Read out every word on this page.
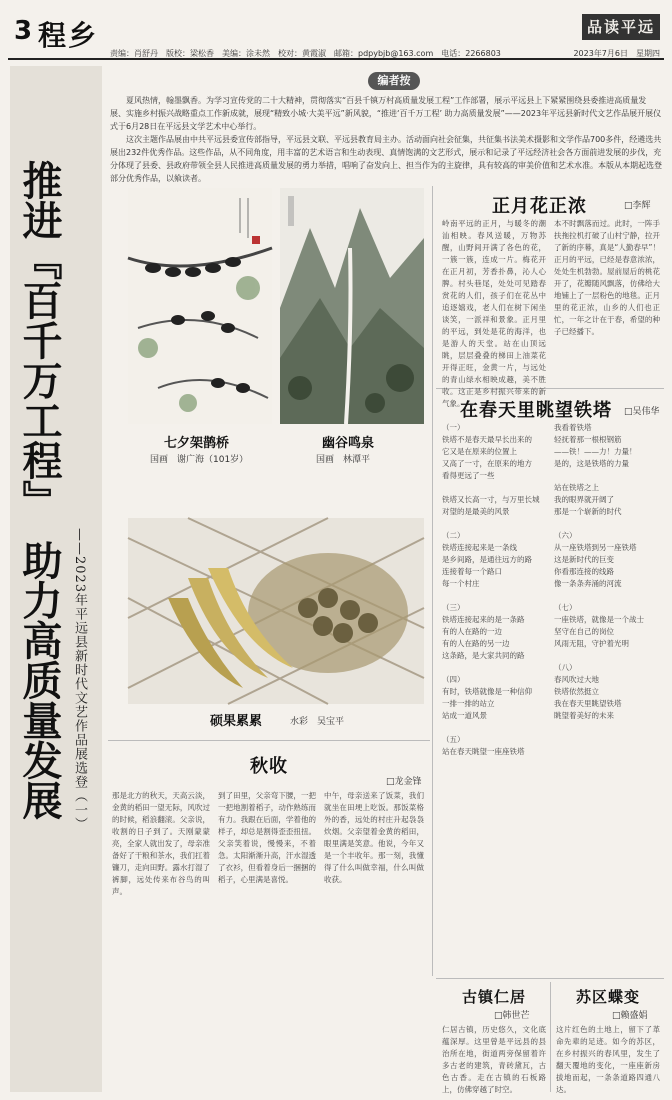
3 程乡
责编：肖舒丹　版校：梁松香　美编：涂未然　校对：黄霞淑　邮箱：pdpybjb@163.com　电话：2266803
品读平远
2023年7月6日　星期四
推进『百千万工程』　助力高质量发展 ——2023年平远县新时代文艺作品展选登（一）
编者按

夏风热情，翰墨飘香。为学习宣传党的二十大精神，贯彻落实“百县千镇万村高质量发展工程”工作部署，展示平远县上下紧紧围绕县委推进高质量发展、实施乡村振兴战略重点工作新成就，展现“精致小城·大美平远”新风貌，“推进‘百千万工程’ 助力高质量发展”——2023年平远县新时代文艺作品展开展仪式于6月28日在平远县文学艺术中心举行。

这次主题作品展由中共平远县委宣传部指导，平远县文联、平远县教育局主办。活动面向社会征集，共征集书法美术摄影和文学作品700多件，经遴选共展出232件优秀作品。这些作品，从不同角度，用丰富的艺术语言和生动表现、真情饱满的文艺形式，展示和记录了平远经济社会各方面前进发展的步伐，充分体现了县委、县政府带领全县人民推进高质量发展的勇力举措，唱响了奋发向上、担当作为的主旋律，具有较高的审美价值和艺术水准。本版从本期起选登部分优秀作品，以飨读者。

七夕架鹊桥
国画　谢广海（101岁）
幽谷鸣泉
国画　林潭平
硕果累累	水彩　吴宝平
正月花正浓	□李辉
岭南平远的正月，与暖冬的潮汕相映。春风送暖，万物苏醒，山野间开满了各色的花，一簇一簇，连成一片。梅花开在正月初，芳香扑鼻，沁人心脾。村头巷尾，处处可见踏春赏花的人们，孩子们在花丛中追逐嬉戏，老人们在树下闲坐谈笑，一派祥和景象。正月里的平远，到处是花的海洋，也是游人的天堂。站在山顶远眺，层层叠叠的梯田上油菜花开得正旺，金黄一片，与远处的青山绿水相映成趣，美不胜收。这正是乡村振兴带来的新气象。
本不时飘落而过。此时，一阵手扶拖拉机打破了山村宁静，拉开了新的序幕，真是“人勤春早”！正月的平远，已经是春意浓浓，处处生机勃勃。屋前屋后的桃花开了，花瓣随风飘落，仿佛给大地铺上了一层粉色的地毯。正月里的花正浓，山乡的人们也正忙，一年之计在于春，希望的种子已经播下。
在春天里眺望铁塔 □吴伟华
（一）
铁塔不是春天最早长出来的
它又是在原来的位置上
又高了一寸，在原来的地方
看得更远了一些

铁塔又长高一寸，与万里长城
对望的是最美的风景

（二）
铁塔连接起来是一条线
是乡间路，是通往远方的路
连接着每一个路口
每一个村庄

（三）
铁塔连接起来的是一条路
有的人在路的一边
有的人在路的另一边
这条路，是大家共同的路

（四）
有时，铁塔就像是一种信仰
一排一排的站立
站成一道风景

（五）
站在春天眺望一座座铁塔
我看着铁塔
轻抚着那一根根钢筋
——铁！——力！力量！
是的，这是铁塔的力量

站在铁塔之上
我的眼界就开阔了
那是一个崭新的时代

（六）
从一座铁塔到另一座铁塔
这是新时代的巨变
你看那连接的线路
像一条条奔涌的河流

（七）
一座铁塔，就像是一个战士
坚守在自己的岗位
风雨无阻，守护着光明

（八）
春风吹过大地
铁塔依然挺立
我在春天里眺望铁塔
眺望着美好的未来
秋收
□龙金锋
那是北方的秋天，天高云淡，金黄的稻田一望无际，风吹过的时候，稻浪翻滚。父亲说，收割的日子到了。天刚蒙蒙亮，全家人就出发了，母亲准备好了干粮和茶水，我们扛着镰刀，走向田野。露水打湿了裤脚，远处传来布谷鸟的叫声。
到了田里，父亲弯下腰，一把一把地割着稻子，动作熟练而有力。我跟在后面，学着他的样子，却总是割得歪歪扭扭。父亲笑着说，慢慢来，不着急。太阳渐渐升高，汗水湿透了衣衫，但看着身后一捆捆的稻子，心里满是喜悦。
中午，母亲送来了饭菜，我们就坐在田埂上吃饭。那饭菜格外的香，远处的村庄升起袅袅炊烟。父亲望着金黄的稻田，眼里满是笑意。他说，今年又是一个丰收年。那一刻，我懂得了什么叫做幸福，什么叫做收获。
古镇仁居
□韩世芒
仁居古镇，历史悠久，文化底蕴深厚。这里曾是平远县的县治所在地，街道两旁保留着许多古老的建筑，青砖黛瓦，古色古香。走在古镇的石板路上，仿佛穿越了时空。
苏区蝶变
□赖盛娟
这片红色的土地上，留下了革命先辈的足迹。如今的苏区，在乡村振兴的春风里，发生了翻天覆地的变化，一座座新房拔地而起，一条条道路四通八达。
